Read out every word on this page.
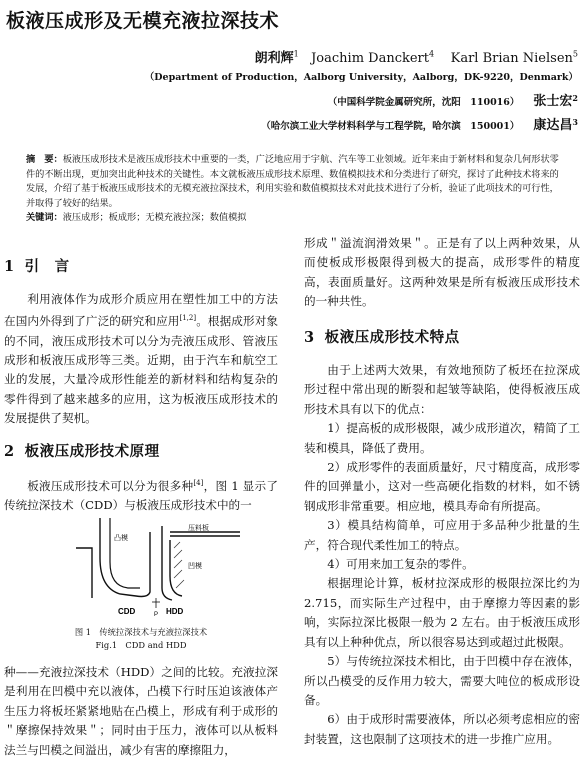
板液压成形及无模充液拉深技术
朗利辉$^1$ Joachim Danckert$^4$ Karl Brian Nielsen$^5$
（Department of Production，Aalborg University，Aalborg，DK-9220，Denmark）
（中国科学院金属研究所，沈阳　110016） 张士宏$^2$
（哈尔滨工业大学材料科学与工程学院，哈尔滨　150001） 康达昌$^3$
摘　要：板液压成形技术是液压成形技术中重要的一类，广泛地应用于宇航、汽车等工业领域。近年来由于新材料和复杂几何形状零件的不断出现，更加突出此种技术的关键性。本文就板液压成形技术原理、数值模拟技术和分类进行了研究，探讨了此种技术将来的发展，介绍了基于板液压成形技术的无模充液拉深技术，利用实验和数值模拟技术对此技术进行了分析，验证了此项技术的可行性，并取得了较好的结果。
关键词：液压成形；板成形；无模充液拉深；数值模拟
1 引　言

利用液体作为成形介质应用在塑性加工中的方法在国内外得到了广泛的研究和应用[1,2]。根据成形对象的不同，液压成形技术可以分为壳液压成形、管液压成形和板液压成形等三类。近期，由于汽车和航空工业的发展，大量冷成形性能差的新材料和结构复杂的零件得到了越来越多的应用，这为板液压成形技术的发展提供了契机。

2 板液压成形技术原理

板液压成形技术可以分为很多种[4]，图 1 显示了传统拉深技术（CDD）与板液压成形技术中的一

凸模
压料板
凹模
CDD	HDD
P
图 1　传统拉深技术与充液拉深技术
Fig.1　CDD and HDD

种——充液拉深技术（HDD）之间的比较。充液拉深是利用在凹模中充以液体，凸模下行时压迫该液体产生压力将板坯紧紧地贴在凸模上，形成有利于成形的＂摩擦保持效果＂；同时由于压力，液体可以从板料法兰与凹模之间溢出，减少有害的摩擦阻力，

形成＂溢流润滑效果＂。正是有了以上两种效果，从而使板成形极限得到极大的提高，成形零件的精度高，表面质量好。这两种效果是所有板液压成形技术的一种共性。

3 板液压成形技术特点

由于上述两大效果，有效地预防了板坯在拉深成形过程中常出现的断裂和起皱等缺陷，使得板液压成形技术具有以下的优点：

1）提高板的成形极限，减少成形道次，精简了工装和模具，降低了费用。

2）成形零件的表面质量好，尺寸精度高，成形零件的回弹量小，这对一些高硬化指数的材料，如不锈钢成形非常重要。相应地，模具寿命有所提高。

3）模具结构简单，可应用于多品种少批量的生产，符合现代柔性加工的特点。

4）可用来加工复杂的零件。

根据理论计算，板材拉深成形的极限拉深比约为 2.715，而实际生产过程中，由于摩擦力等因素的影响，实际拉深比极限一般为 2 左右。由于板液压成形具有以上种种优点，所以很容易达到或超过此极限。

5）与传统拉深技术相比，由于凹模中存在液体，所以凸模受的反作用力较大，需要大吨位的板成形设备。

6）由于成形时需要液体，所以必须考虑相应的密封装置，这也限制了这项技术的进一步推广应用。
